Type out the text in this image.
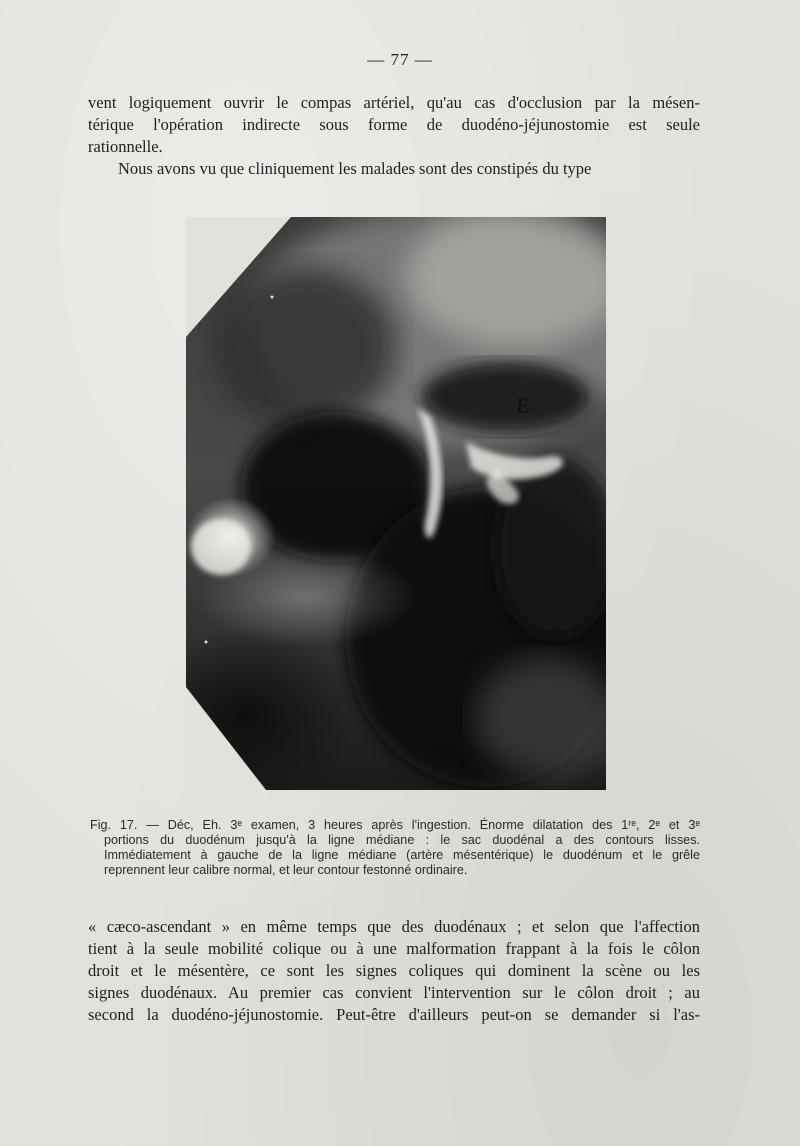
— 77 —
vent logiquement ouvrir le compas artériel, qu'au cas d'occlusion par la mésen-
térique l'opération indirecte sous forme de duodéno-jéjunostomie est seule
rationnelle.
Nous avons vu que cliniquement les malades sont des constipés du type
E
Fig. 17. — Déc, Eh. 3ᵉ examen, 3 heures après l'ingestion. Énorme dilatation des 1ʳᵉ, 2ᵉ et 3ᵉ
portions du duodénum jusqu'à la ligne médiane : le sac duodénal a des contours lisses.
Immédiatement à gauche de la ligne médiane (artère mésentérique) le duodénum et le grêle
reprennent leur calibre normal, et leur contour festonné ordinaire.
« cæco-ascendant » en même temps que des duodénaux ; et selon que l'affection
tient à la seule mobilité colique ou à une malformation frappant à la fois le côlon
droit et le mésentère, ce sont les signes coliques qui dominent la scène ou les
signes duodénaux. Au premier cas convient l'intervention sur le côlon droit ; au
second la duodéno-jéjunostomie. Peut-être d'ailleurs peut-on se demander si l'as-
